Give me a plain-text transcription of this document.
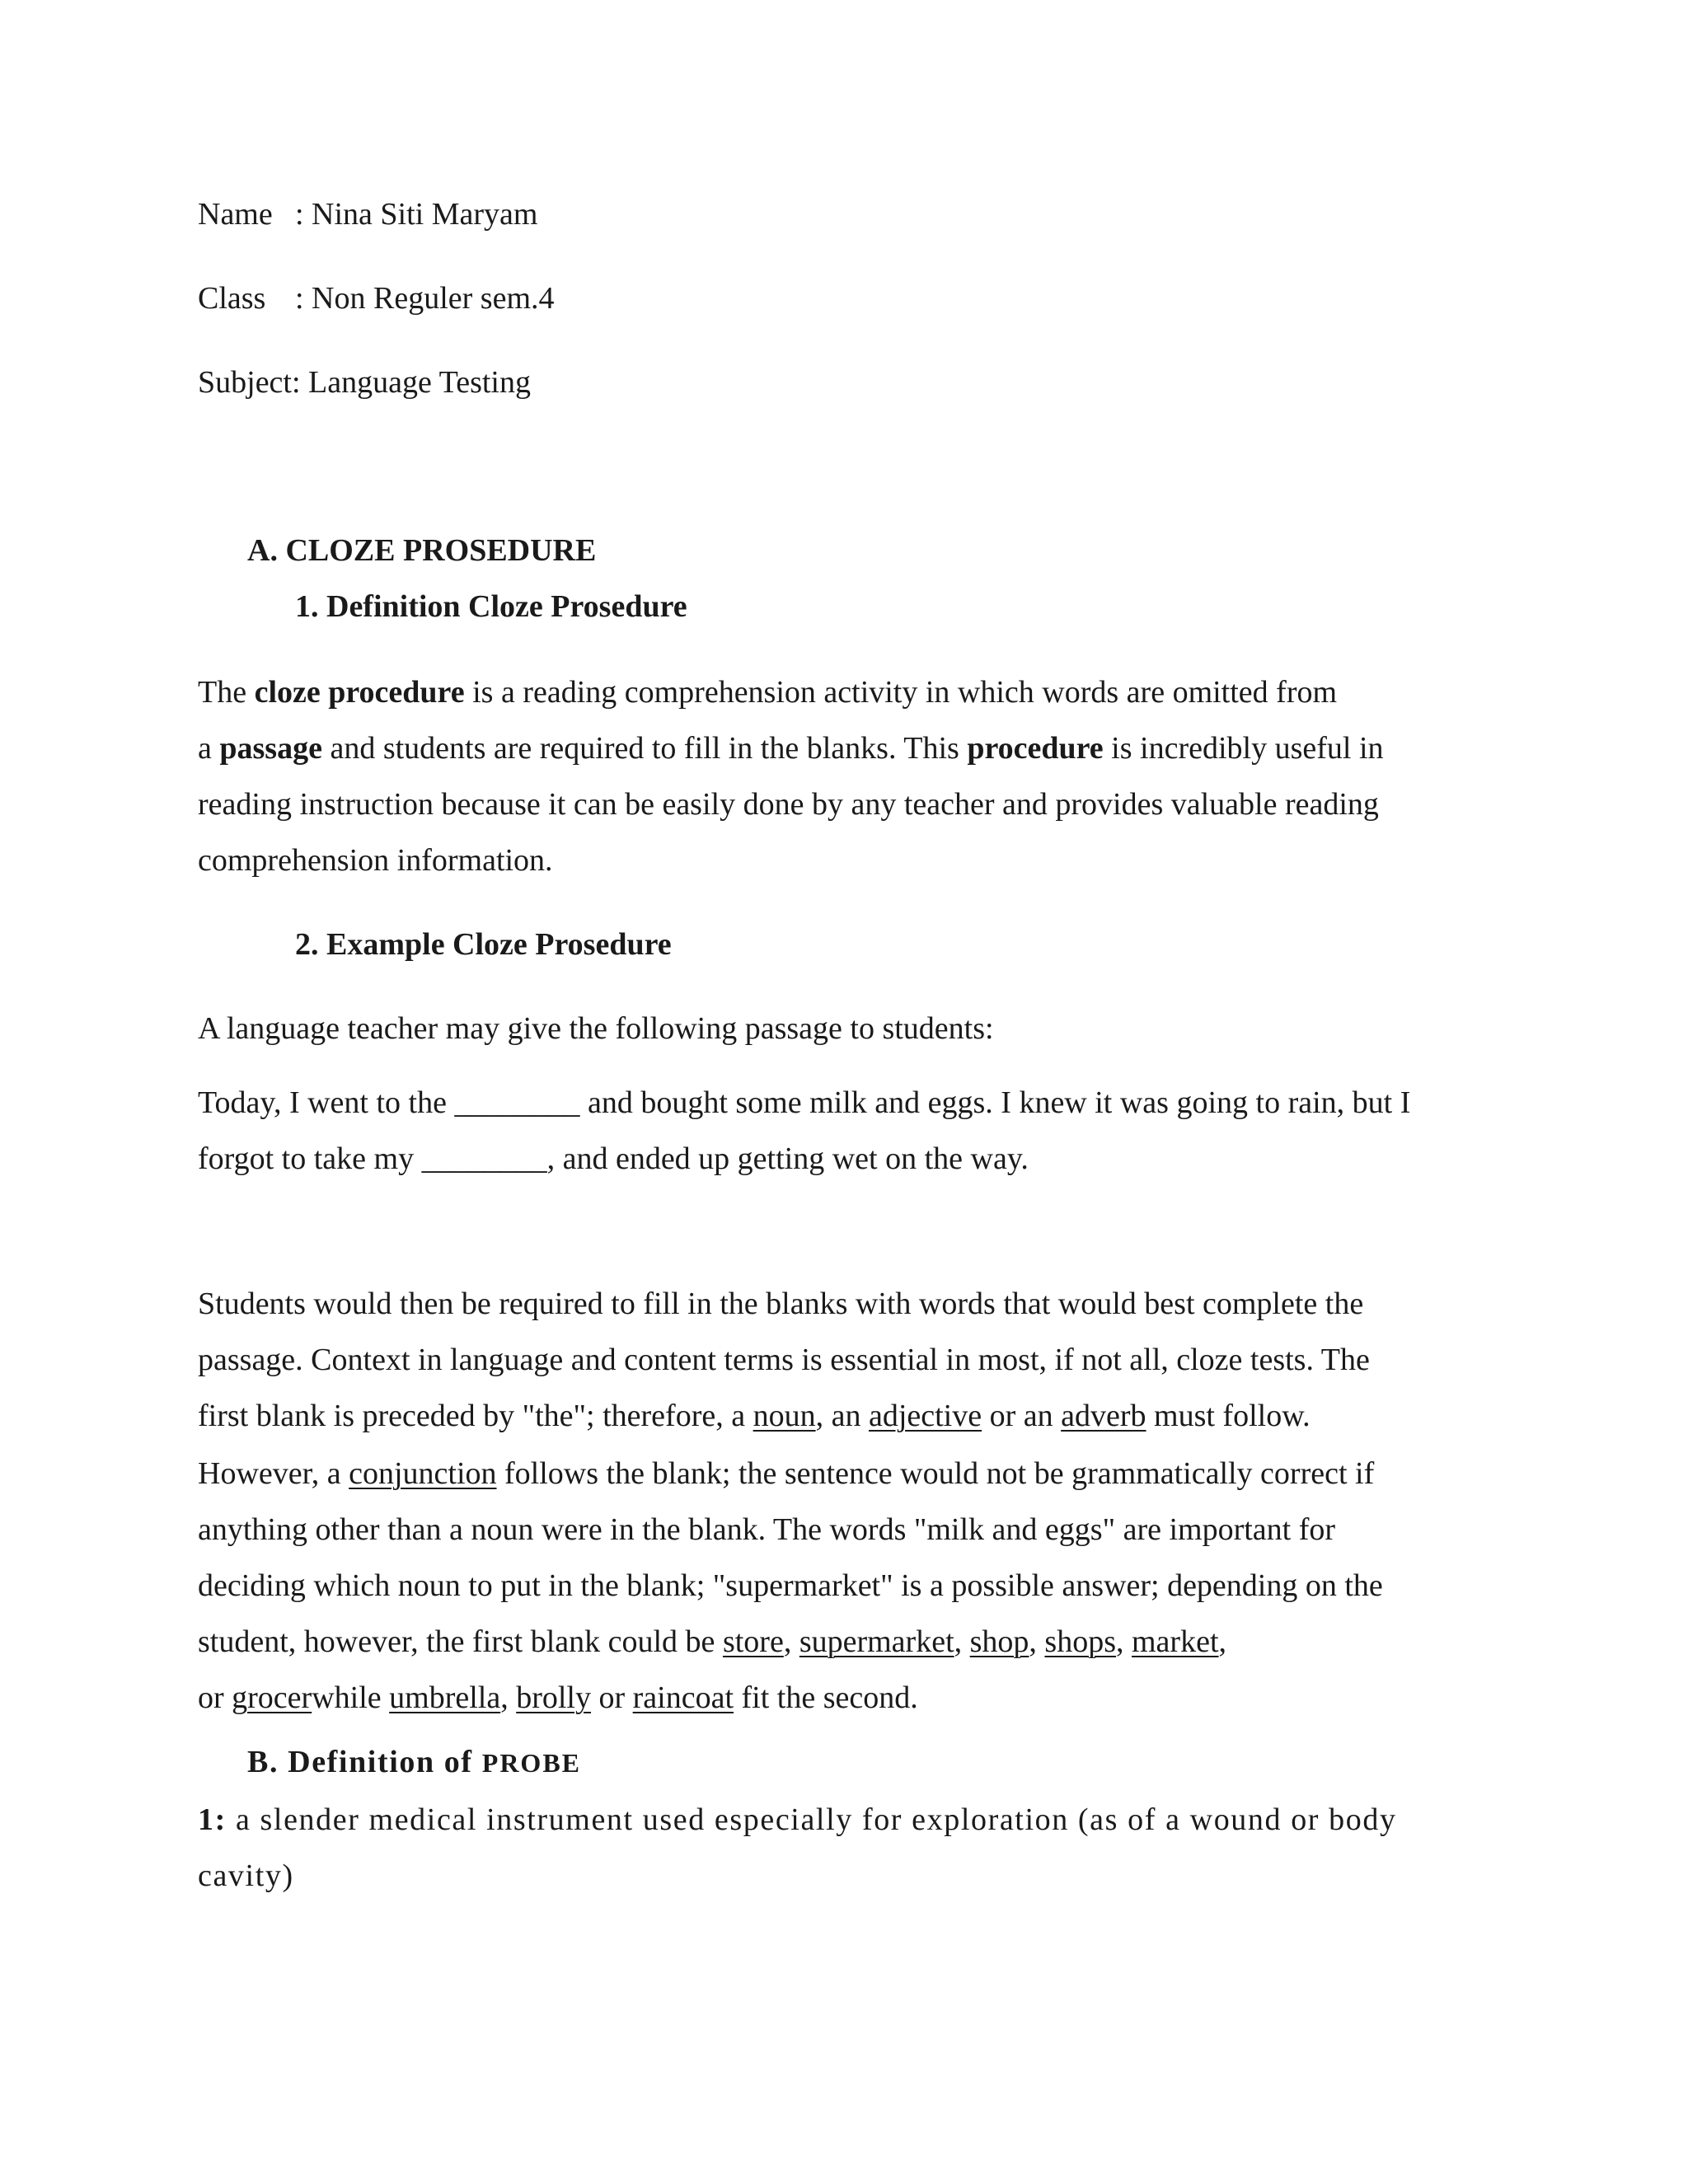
Name : Nina Siti Maryam
Class : Non Reguler sem.4
Subject: Language Testing
A. CLOZE PROSEDURE
1. Definition Cloze Prosedure
The cloze procedure is a reading comprehension activity in which words are omitted from
a passage and students are required to fill in the blanks. This procedure is incredibly useful in
reading instruction because it can be easily done by any teacher and provides valuable reading
comprehension information.
2. Example Cloze Prosedure
A language teacher may give the following passage to students:
Today, I went to the ________ and bought some milk and eggs. I knew it was going to rain, but I
forgot to take my ________, and ended up getting wet on the way.
Students would then be required to fill in the blanks with words that would best complete the
passage. Context in language and content terms is essential in most, if not all, cloze tests. The
first blank is preceded by "the"; therefore, a noun, an adjective or an adverb must follow.
However, a conjunction follows the blank; the sentence would not be grammatically correct if
anything other than a noun were in the blank. The words "milk and eggs" are important for
deciding which noun to put in the blank; "supermarket" is a possible answer; depending on the
student, however, the first blank could be store, supermarket, shop, shops, market,
or grocerwhile umbrella, brolly or raincoat fit the second.
B. Definition of PROBE
1: a slender medical instrument used especially for exploration (as of a wound or body
cavity)
